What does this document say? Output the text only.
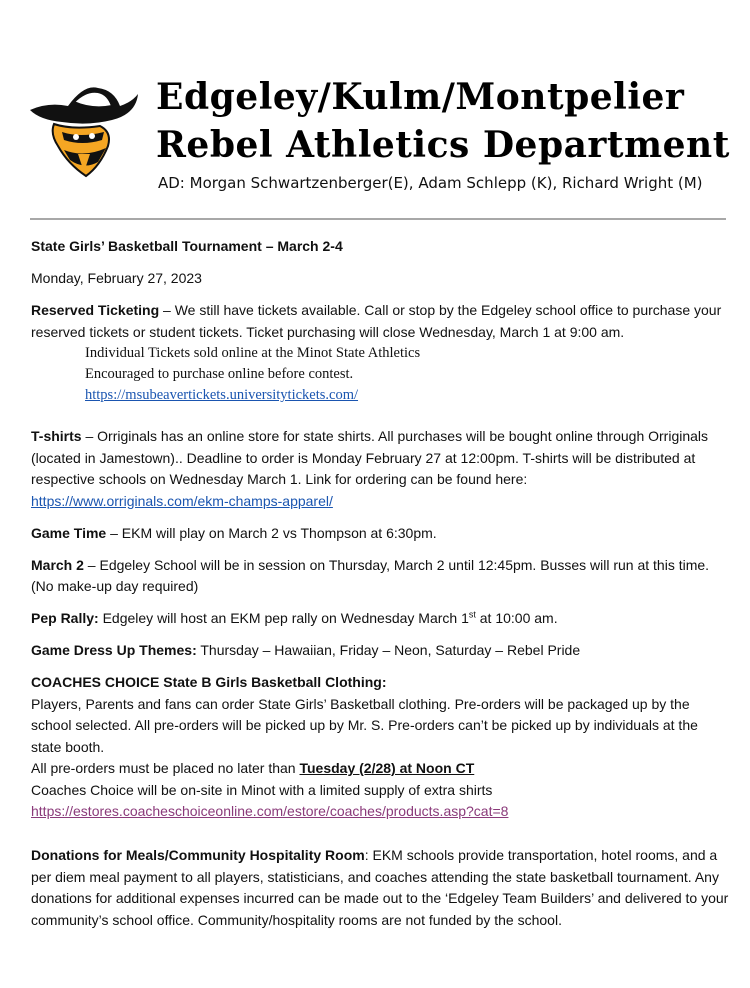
Edgeley/Kulm/Montpelier
Rebel Athletics Department
AD: Morgan Schwartzenberger(E), Adam Schlepp (K), Richard Wright (M)

State Girls’ Basketball Tournament – March 2-4

Monday, February 27, 2023

Reserved Ticketing – We still have tickets available. Call or stop by the Edgeley school office to purchase your reserved tickets or student tickets. Ticket purchasing will close Wednesday, March 1 at 9:00 am.

Individual Tickets sold online at the Minot State Athletics
Encouraged to purchase online before contest.
https://msubeavertickets.universitytickets.com/

T-shirts – Orriginals has an online store for state shirts. All purchases will be bought online through Orriginals (located in Jamestown).. Deadline to order is Monday February 27 at 12:00pm. T-shirts will be distributed at respective schools on Wednesday March 1. Link for ordering can be found here:
https://www.orriginals.com/ekm-champs-apparel/

Game Time – EKM will play on March 2 vs Thompson at 6:30pm.

March 2 – Edgeley School will be in session on Thursday, March 2 until 12:45pm. Busses will run at this time. (No make-up day required)

Pep Rally: Edgeley will host an EKM pep rally on Wednesday March 1st at 10:00 am.

Game Dress Up Themes: Thursday – Hawaiian, Friday – Neon, Saturday – Rebel Pride

COACHES CHOICE State B Girls Basketball Clothing:
Players, Parents and fans can order State Girls’ Basketball clothing. Pre-orders will be packaged up by the school selected. All pre-orders will be picked up by Mr. S. Pre-orders can’t be picked up by individuals at the state booth.
All pre-orders must be placed no later than Tuesday (2/28) at Noon CT
Coaches Choice will be on-site in Minot with a limited supply of extra shirts
https://estores.coacheschoiceonline.com/estore/coaches/products.asp?cat=8

Donations for Meals/Community Hospitality Room: EKM schools provide transportation, hotel rooms, and a per diem meal payment to all players, statisticians, and coaches attending the state basketball tournament. Any donations for additional expenses incurred can be made out to the ‘Edgeley Team Builders’ and delivered to your community’s school office. Community/hospitality rooms are not funded by the school.
